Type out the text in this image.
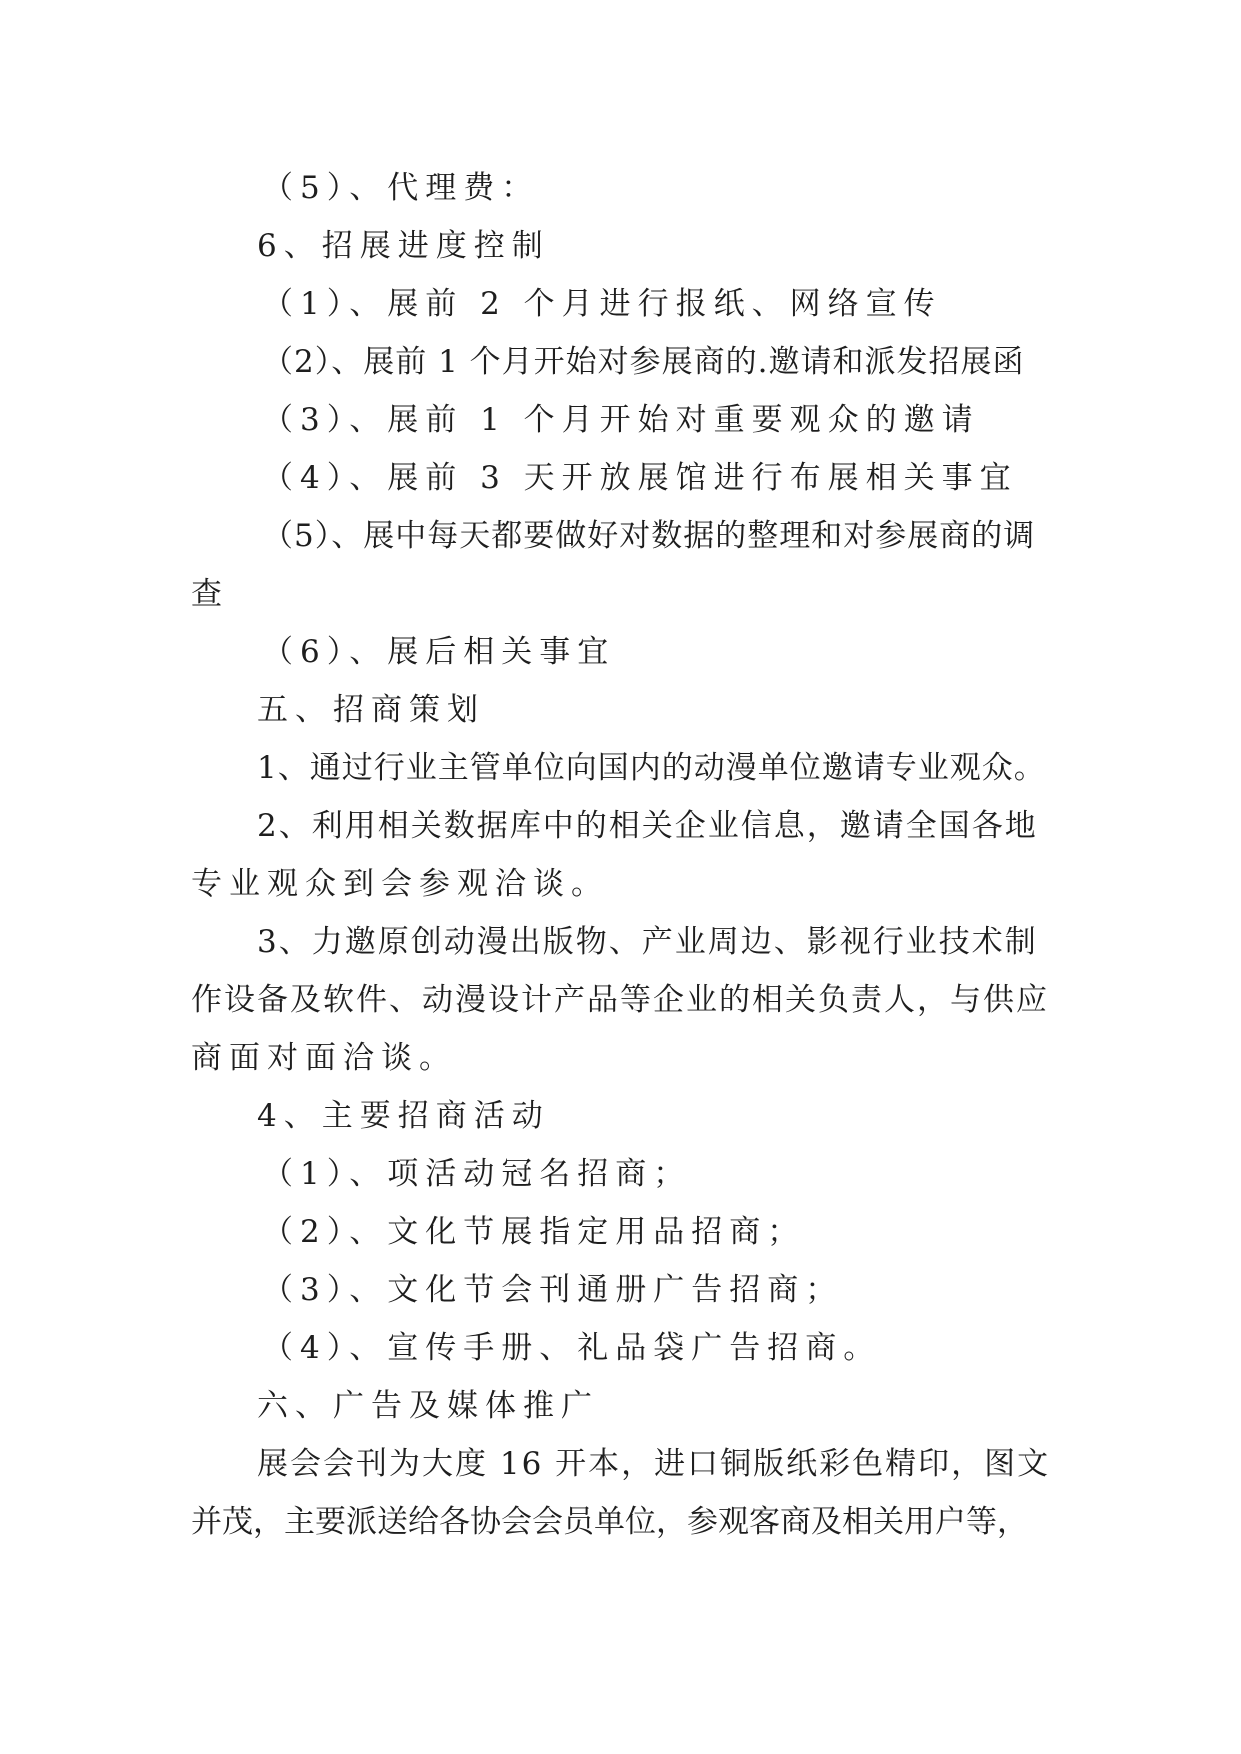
（5）、代理费：
6、招展进度控制
（1）、展前 2 个月进行报纸、网络宣传
（2）、展前 1 个月开始对参展商的.邀请和派发招展函
（3）、展前 1 个月开始对重要观众的邀请
（4）、展前 3 天开放展馆进行布展相关事宜
（5）、展中每天都要做好对数据的整理和对参展商的调
查
（6）、展后相关事宜
五、招商策划
1、通过行业主管单位向国内的动漫单位邀请专业观众。
2、利用相关数据库中的相关企业信息，邀请全国各地
专业观众到会参观洽谈。
3、力邀原创动漫出版物、产业周边、影视行业技术制
作设备及软件、动漫设计产品等企业的相关负责人，与供应
商面对面洽谈。
4、主要招商活动
（1）、项活动冠名招商；
（2）、文化节展指定用品招商；
（3）、文化节会刊通册广告招商；
（4）、宣传手册、礼品袋广告招商。
六、广告及媒体推广
展会会刊为大度 16 开本，进口铜版纸彩色精印，图文
并茂，主要派送给各协会会员单位，参观客商及相关用户等，
